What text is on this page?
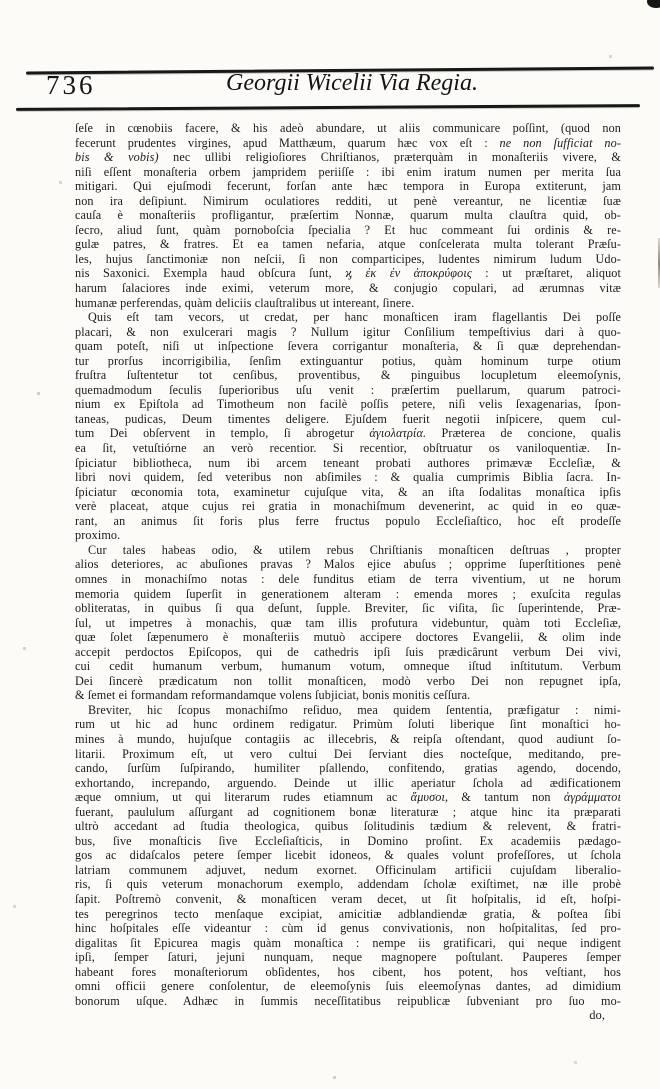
736	Georgii Wicelii Via Regia.
ſeſe in cœnobiis facere, & his adeò abundare, ut aliis communicare poſſint, (quod non
fecerunt prudentes virgines, apud Matthæum, quarum hæc vox eſt : ne non ſufficiat no-
bis & vobis) nec ullibi religioſiores Chriſtianos, præterquàm in monaſteriis vivere, &
niſi eſſent monaſteria orbem jampridem periiſſe : ibi enim iratum numen per merita ſua
mitigari. Qui ejuſmodi fecerunt, forſan ante hæc tempora in Europa extiterunt, jam
non ira deſipiunt. Nimirum oculatiores redditi, ut penè vereantur, ne licentiæ ſuæ
cauſa è monaſteriis profligantur, præſertim Nonnæ, quarum multa clauſtra quid, ob-
ſecro, aliud ſunt, quàm pornoboſcia ſpecialia ? Et huc commeant ſui ordinis & re-
gulæ patres, & fratres. Et ea tamen nefaria, atque conſcelerata multa tolerant Præſu-
les, hujus ſanctimoniæ non neſcii, ſi non comparticipes, ludentes nimirum ludum Udo-
nis Saxonici. Exempla haud obſcura ſunt, ϗ ἐκ ἐν ἀποκρύφοις : ut præſtaret, aliquot
harum ſalaciores inde eximi, veterum more, & conjugio copulari, ad ærumnas vitæ
humanæ perferendas, quàm deliciis clauſtralibus ut intereant, ſinere.
Quis eſt tam vecors, ut credat, per hanc monaſticen iram flagellantis Dei poſſe
placari, & non exulcerari magis ? Nullum igitur Conſilium tempeſtivius dari à quo-
quam poteſt, niſi ut inſpectione ſevera corrigantur monaſteria, & ſi quæ deprehendan-
tur prorſus incorrigibilia, ſenſim extinguantur potius, quàm hominum turpe otium
fruſtra ſuſtentetur tot cenſibus, proventibus, & pinguibus locupletum eleemoſynis,
quemadmodum ſeculis ſuperioribus uſu venit : præſertim puellarum, quarum patroci-
nium ex Epiſtola ad Timotheum non facilè poſſis petere, niſi velis ſexagenarias, ſpon-
taneas, pudicas, Deum timentes deligere. Ejuſdem fuerit negotii inſpicere, quem cul-
tum Dei obſervent in templo, ſi abrogetur ἁγιολατρία. Præterea de concione, qualis
ea ſit, vetuſtiórne an verò recentior. Si recentior, obſtruatur os vaniloquentiæ. In-
ſpiciatur bibliotheca, num ibi arcem teneant probati authores primævæ Eccleſiæ, &
libri novi quidem, ſed veteribus non abſimiles : & qualia cumprimis Biblia ſacra. In-
ſpiciatur œconomia tota, examinetur cujuſque vita, & an iſta ſodalitas monaſtica ipſis
verè placeat, atque cujus rei gratia in monachiſmum devenerint, ac quid in eo quæ-
rant, an animus ſit foris plus ferre fructus populo Eccleſiaſtico, hoc eſt prodeſſe
proximo.
Cur tales habeas odio, & utilem rebus Chriſtianis monaſticen deſtruas , propter
alios deteriores, ac abuſiones pravas ? Malos ejice abuſus ; opprime ſuperſtitiones penè
omnes in monachiſmo notas : dele funditus etiam de terra viventium, ut ne horum
memoria quidem ſuperſit in generationem alteram : emenda mores ; exuſcita regulas
obliteratas, in quibus ſi qua deſunt, ſupple. Breviter, ſic viſita, ſic ſuperintende, Præ-
ſul, ut impetres à monachis, quæ tam illis profutura videbuntur, quàm toti Eccleſiæ,
quæ ſolet ſæpenumero è monaſteriis mutuò accipere doctores Evangelii, & olim inde
accepit perdoctos Epiſcopos, qui de cathedris ipſi ſuis prædicârunt verbum Dei vivi,
cui cedit humanum verbum, humanum votum, omneque iſtud inſtitutum. Verbum
Dei ſincerè prædicatum non tollit monaſticen, modò verbo Dei non repugnet ipſa,
& ſemet ei formandam reformandamque volens ſubjiciat, bonis monitis ceſſura.
Breviter, hic ſcopus monachiſmo reſiduo, mea quidem ſententia, præfigatur : nimi-
rum ut hic ad hunc ordinem redigatur. Primùm ſoluti liberique ſint monaſtici ho-
mines à mundo, hujuſque contagiis ac illecebris, & reipſa oſtendant, quod audiunt ſo-
litarii. Proximum eſt, ut vero cultui Dei ſerviant dies nocteſque, meditando, pre-
cando, ſurſùm ſuſpirando, humiliter pſallendo, confitendo, gratias agendo, docendo,
exhortando, increpando, arguendo. Deinde ut illic aperiatur ſchola ad ædificationem
æque omnium, ut qui literarum rudes etiamnum ac ἄμυσοι, & tantum non ἀγράμματοι
fuerant, paululum aſſurgant ad cognitionem bonæ literaturæ ; atque hinc ita præparati
ultrò accedant ad ſtudia theologica, quibus ſolitudinis tædium & relevent, & fratri-
bus, ſive monaſticis ſive Eccleſiaſticis, in Domino proſint. Ex academiis pædago-
gos ac didaſcalos petere ſemper licebit idoneos, & quales volunt profeſſores, ut ſchola
latriam communem adjuvet, nedum exornet. Officinulam artificii cujuſdam liberalio-
ris, ſi quis veterum monachorum exemplo, addendam ſcholæ exiſtimet, næ ille probè
ſapit. Poſtremò convenit, & monaſticen veram decet, ut ſit hoſpitalis, id eſt, hoſpi-
tes peregrinos tecto menſaque excipiat, amicitiæ adblandiendæ gratia, & poſtea ſibi
hinc hoſpitales eſſe videantur : cùm id genus convivationis, non hoſpitalitas, ſed pro-
digalitas ſit Epicurea magis quàm monaſtica : nempe iis gratificari, qui neque indigent
ipſi, ſemper ſaturi, jejuni nunquam, neque magnopere poſtulant. Pauperes ſemper
habeant fores monaſteriorum obſidentes, hos cibent, hos potent, hos veſtiant, hos
omni officii genere conſolentur, de eleemoſynis ſuis eleemoſynas dantes, ad dimidium
bonorum uſque. Adhæc in ſummis neceſſitatibus reipublicæ ſubveniant pro ſuo mo-
do,
